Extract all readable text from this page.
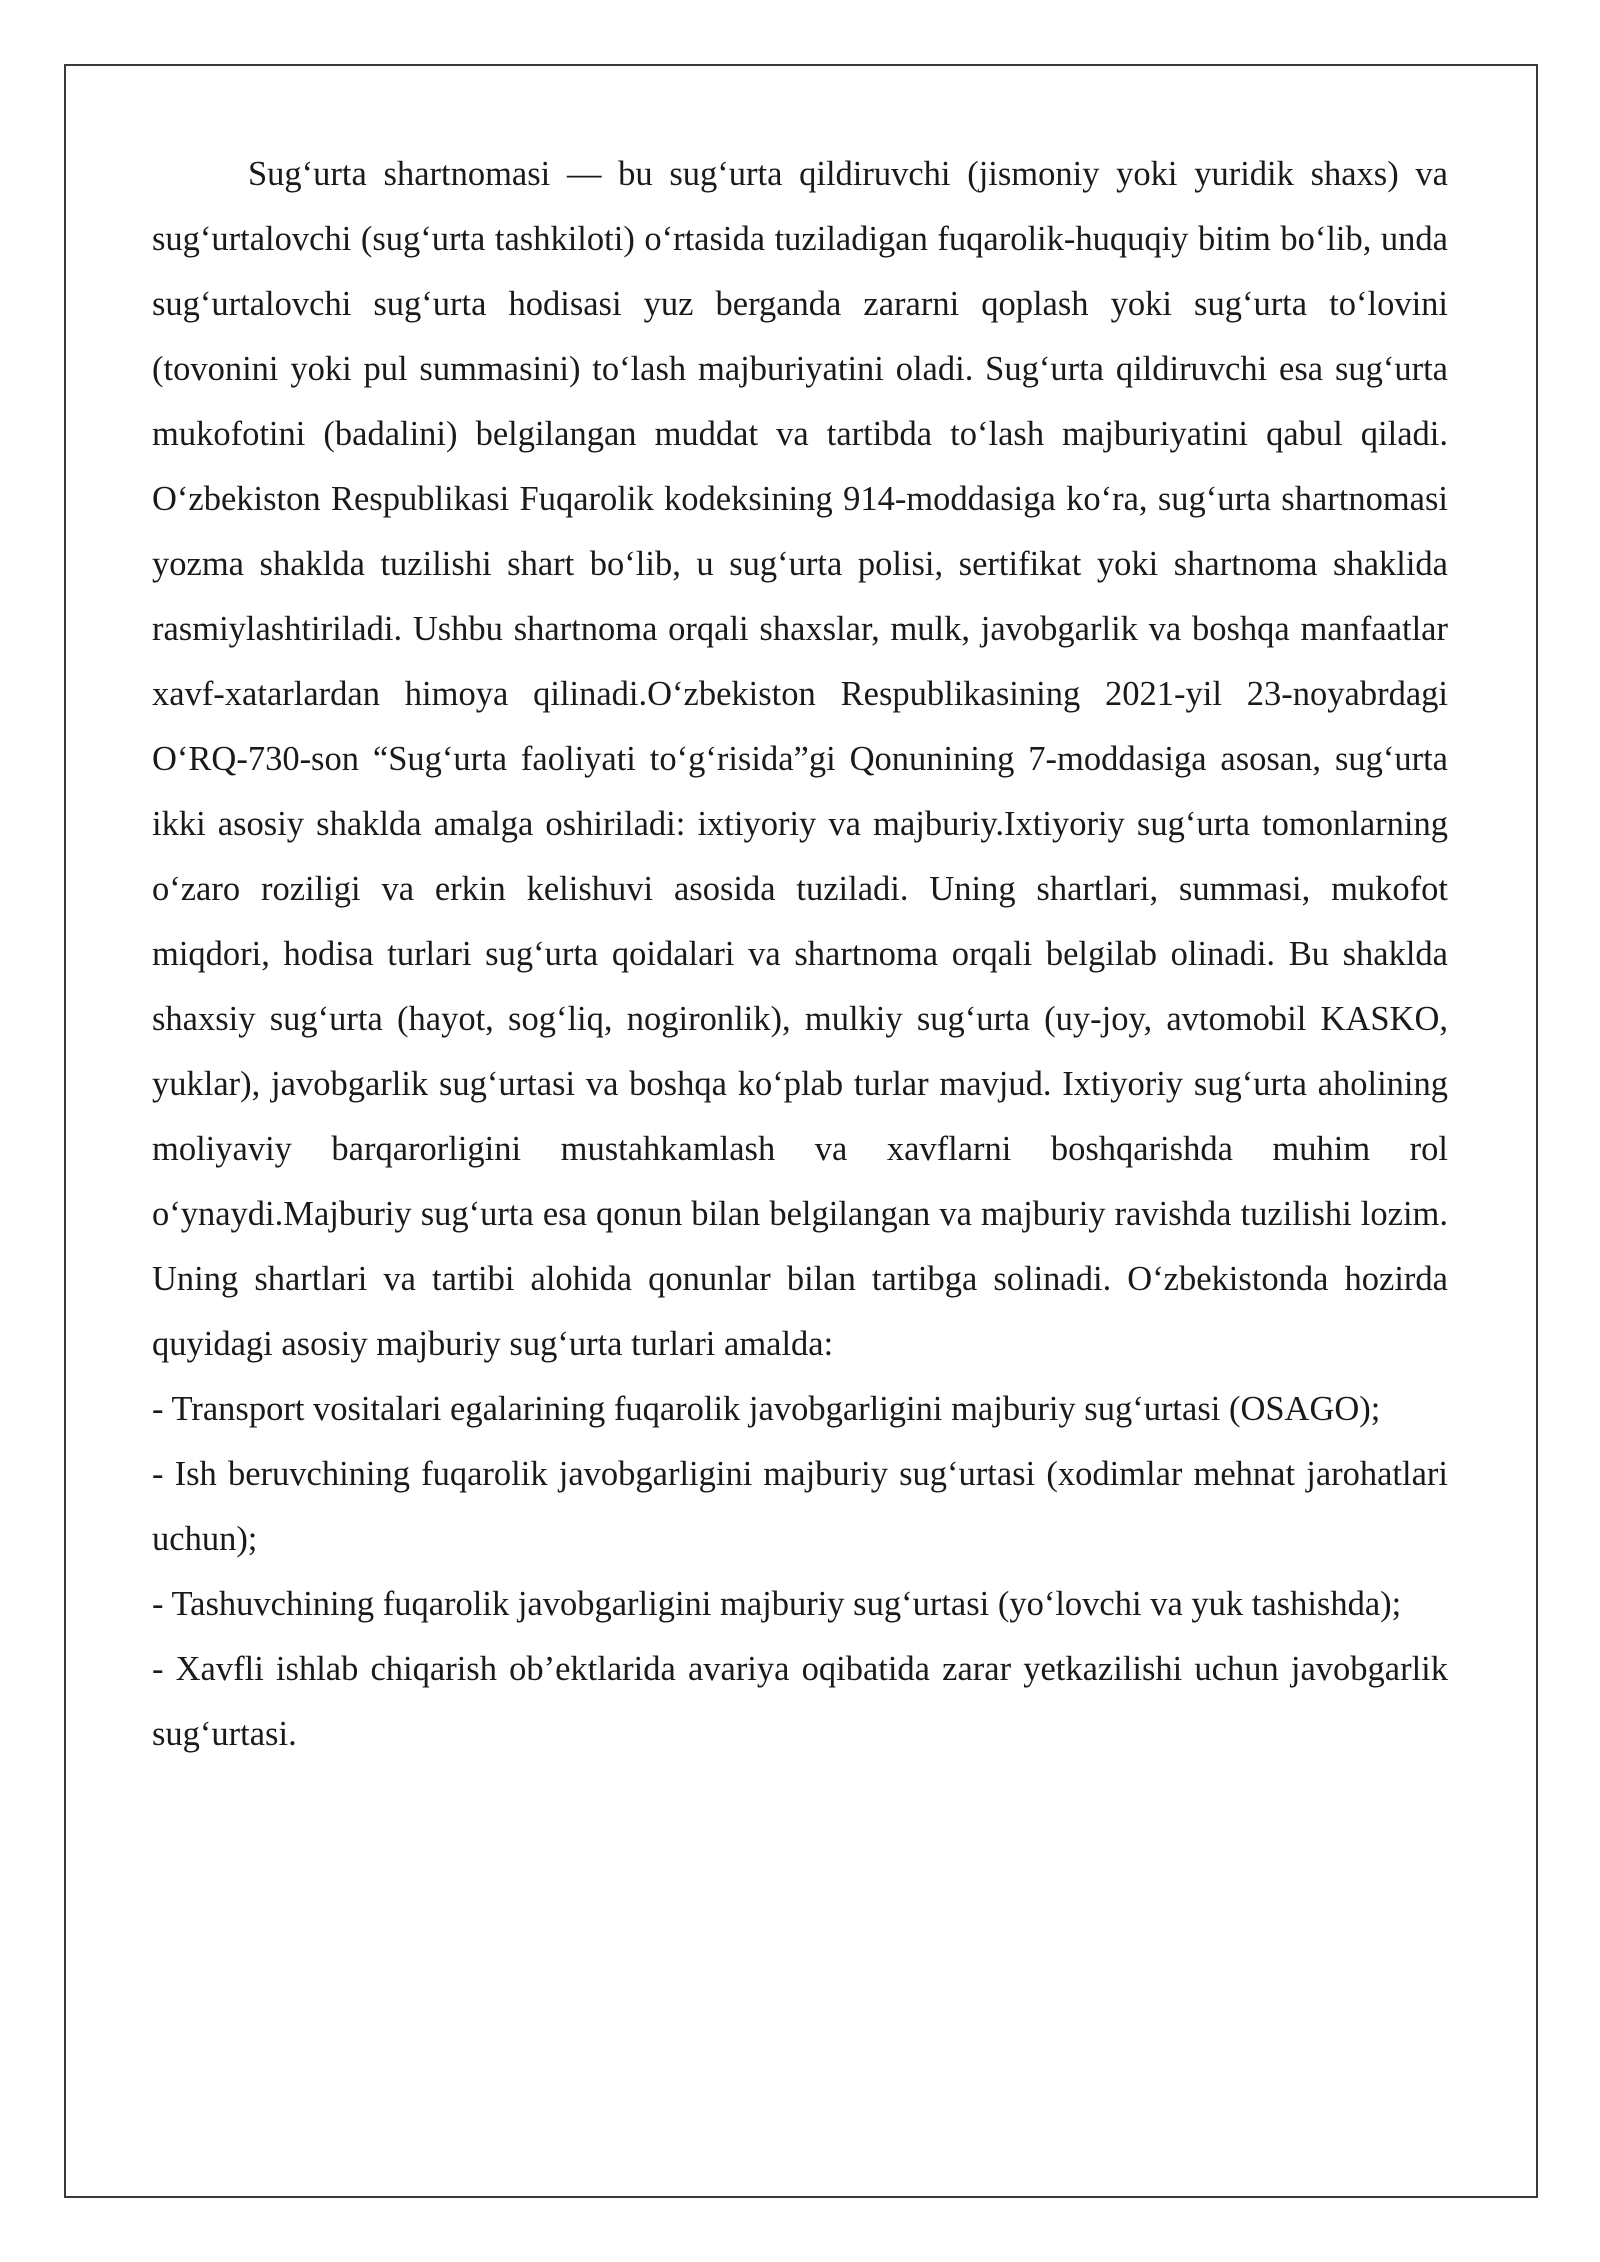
Sug‘urta shartnomasi — bu sug‘urta qildiruvchi (jismoniy yoki yuridik shaxs) va sug‘urtalovchi (sug‘urta tashkiloti) o‘rtasida tuziladigan fuqarolik-huquqiy bitim bo‘lib, unda sug‘urtalovchi sug‘urta hodisasi yuz berganda zararni qoplash yoki sug‘urta to‘lovini (tovonini yoki pul summasini) to‘lash majburiyatini oladi. Sug‘urta qildiruvchi esa sug‘urta mukofotini (badalini) belgilangan muddat va tartibda to‘lash majburiyatini qabul qiladi. O‘zbekiston Respublikasi Fuqarolik kodeksining 914-moddasiga ko‘ra, sug‘urta shartnomasi yozma shaklda tuzilishi shart bo‘lib, u sug‘urta polisi, sertifikat yoki shartnoma shaklida rasmiylashtiriladi. Ushbu shartnoma orqali shaxslar, mulk, javobgarlik va boshqa manfaatlar xavf-xatarlardan himoya qilinadi.O‘zbekiston Respublikasining 2021-yil 23-noyabrdagi O‘RQ-730-son “Sug‘urta faoliyati to‘g‘risida”gi Qonunining 7-moddasiga asosan, sug‘urta ikki asosiy shaklda amalga oshiriladi: ixtiyoriy va majburiy.Ixtiyoriy sug‘urta tomonlarning o‘zaro roziligi va erkin kelishuvi asosida tuziladi. Uning shartlari, summasi, mukofot miqdori, hodisa turlari sug‘urta qoidalari va shartnoma orqali belgilab olinadi. Bu shaklda shaxsiy sug‘urta (hayot, sog‘liq, nogironlik), mulkiy sug‘urta (uy-joy, avtomobil KASKO, yuklar), javobgarlik sug‘urtasi va boshqa ko‘plab turlar mavjud. Ixtiyoriy sug‘urta aholining moliyaviy barqarorligini mustahkamlash va xavflarni boshqarishda muhim rol o‘ynaydi.Majburiy sug‘urta esa qonun bilan belgilangan va majburiy ravishda tuzilishi lozim. Uning shartlari va tartibi alohida qonunlar bilan tartibga solinadi. O‘zbekistonda hozirda quyidagi asosiy majburiy sug‘urta turlari amalda:

- Transport vositalari egalarining fuqarolik javobgarligini majburiy sug‘urtasi (OSAGO);

- Ish beruvchining fuqarolik javobgarligini majburiy sug‘urtasi (xodimlar mehnat jarohatlari uchun);

- Tashuvchining fuqarolik javobgarligini majburiy sug‘urtasi (yo‘lovchi va yuk tashishda);

- Xavfli ishlab chiqarish ob’ektlarida avariya oqibatida zarar yetkazilishi uchun javobgarlik sug‘urtasi.
